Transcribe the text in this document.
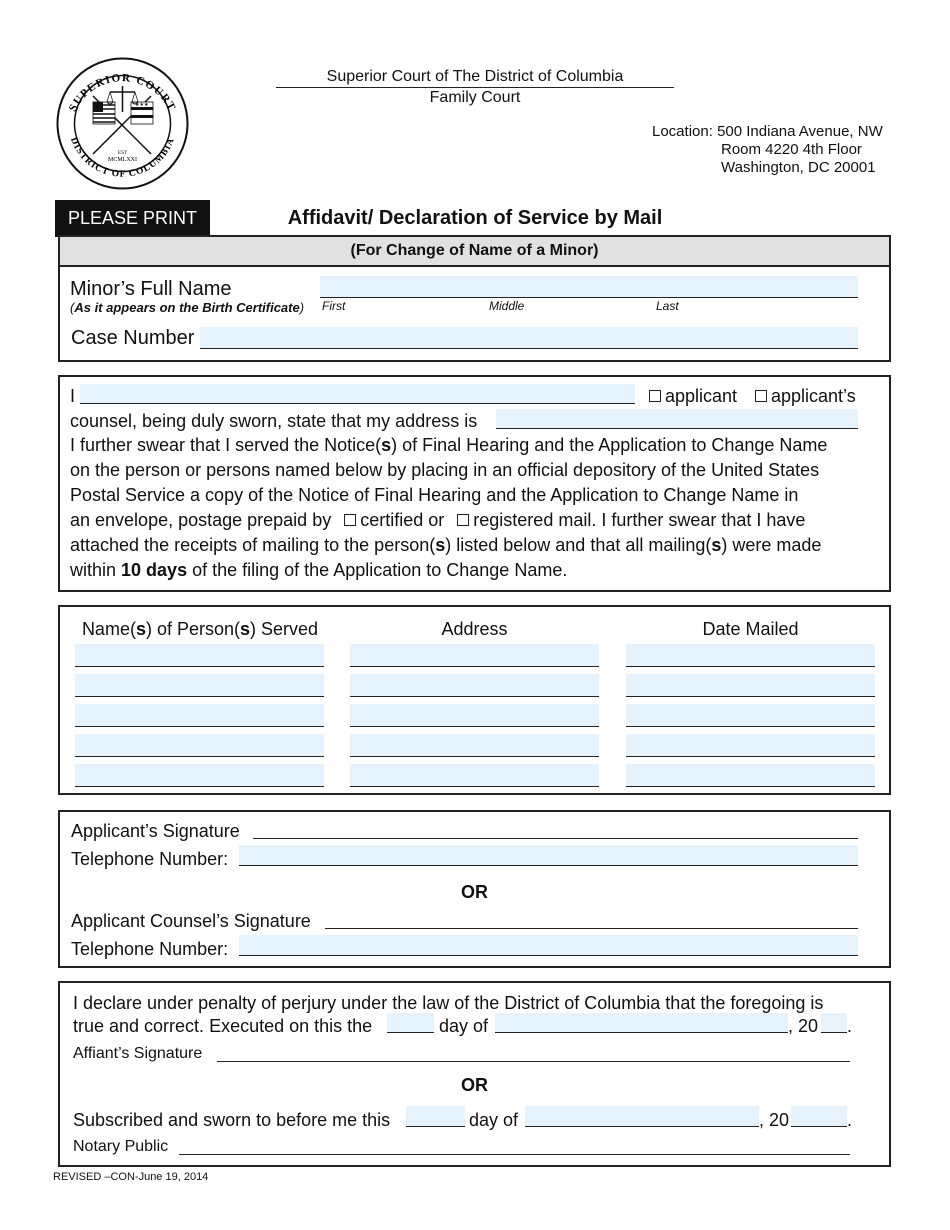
SUPERIOR COURT
DISTRICT OF COLUMBIA
★★★
EST
MCMLXXI
Superior Court of The District of Columbia
Family Court
Location: 500 Indiana Avenue, NW
Room 4220 4th Floor
Washington, DC 20001
PLEASE PRINT	Affidavit/ Declaration of Service by Mail
(For Change of Name of a Minor)
Minor’s Full Name
(As it appears on the Birth Certificate) First	Middle	Last
Case Number
I	applicant	applicant’s
counsel, being duly sworn, state that my address is
I further swear that I served the Notice(s) of Final Hearing and the Application to Change Name
on the person or persons named below by placing in an official depository of the United States
Postal Service a copy of the Notice of Final Hearing and the Application to Change Name in
an envelope, postage prepaid by certified or registered mail. I further swear that I have
attached the receipts of mailing to the person(s) listed below and that all mailing(s) were made
within 10 days of the filing of the Application to Change Name.
Name(s) of Person(s) Served	Address	Date Mailed
Applicant’s Signature
Telephone Number:
OR
Applicant Counsel’s Signature
Telephone Number:
I declare under penalty of perjury under the law of the District of Columbia that the foregoing is
true and correct. Executed on this the	day of	, 20 .
Affiant’s Signature
OR
Subscribed and sworn to before me this	day of	, 20	.
Notary Public
REVISED –CON-June 19, 2014
